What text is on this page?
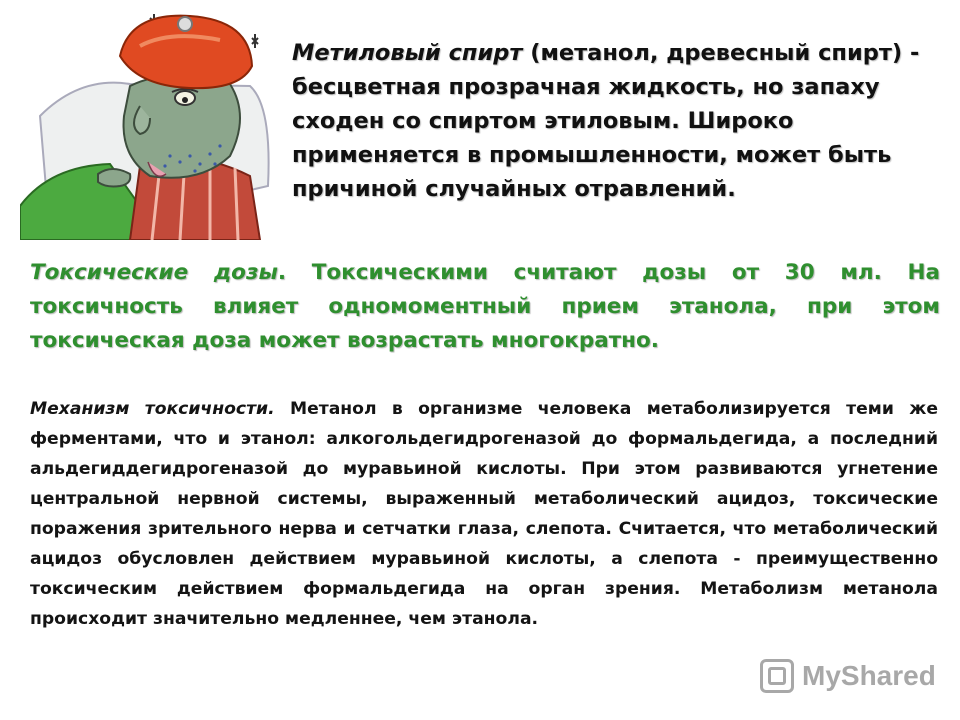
Метиловый спирт (метанол, древесный спирт) - бесцветная прозрачная жидкость, но запаху сходен со спиртом этиловым. Широко применяется в промышленности, может быть причиной случайных отравлений.
Токсические дозы. Токсическими считают дозы от 30 мл. На токсичность влияет одномоментный прием этанола, при этом токсическая доза может возрастать многократно.
Механизм токсичности. Метанол в организме человека метаболизируется теми же ферментами, что и этанол: алкогольдегидрогеназой до формальдегида, а последний альдегиддегидрогеназой до муравьиной кислоты. При этом развиваются угнетение центральной нервной системы, выраженный метаболический ацидоз, токсические поражения зрительного нерва и сетчатки глаза, слепота. Считается, что метаболический ацидоз обусловлен действием муравьиной кислоты, а слепота - преимущественно токсическим действием формальдегида на орган зрения. Метаболизм метанола происходит значительно медленнее, чем этанола.
MyShared
